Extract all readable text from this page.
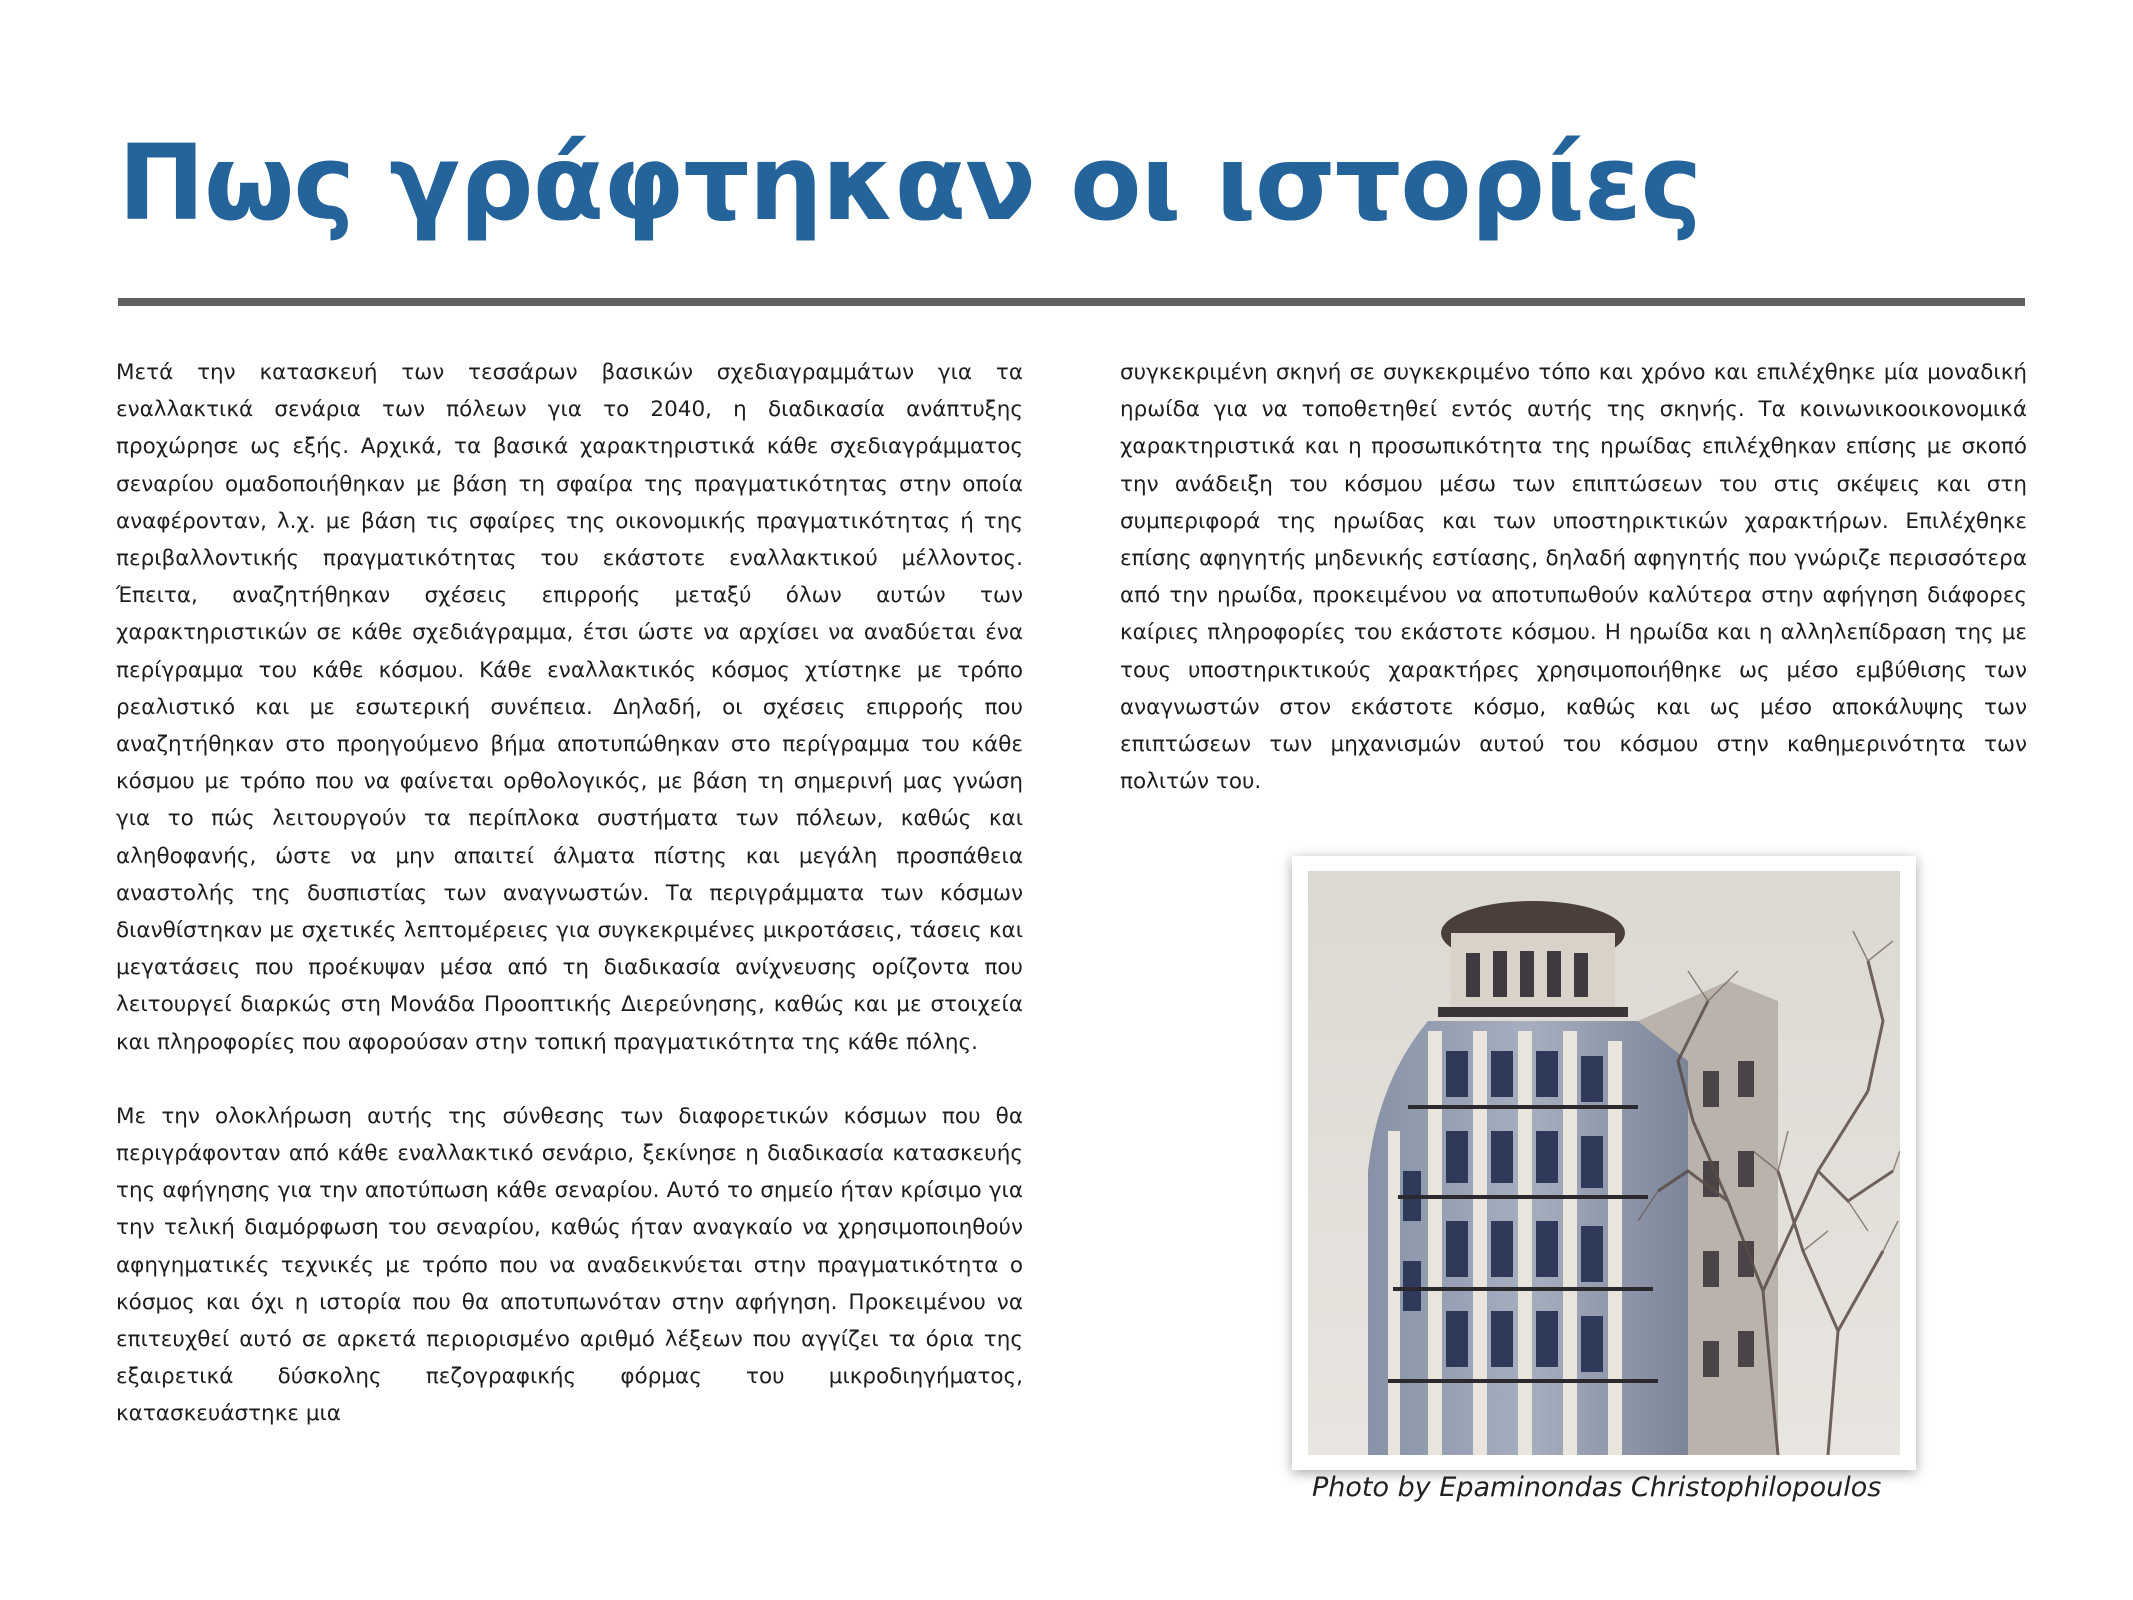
Πως γράφτηκαν οι ιστορίες

Μετά την κατασκευή των τεσσάρων βασικών σχεδιαγραμμάτων για τα εναλλακτικά σενάρια των πόλεων για το 2040, η διαδικασία ανάπτυξης προχώρησε ως εξής. Αρχικά, τα βασικά χαρακτηριστικά κάθε σχεδιαγράμματος σεναρίου ομαδοποιήθηκαν με βάση τη σφαίρα της πραγματικότητας στην οποία αναφέρονταν, λ.χ. με βάση τις σφαίρες της οικονομικής πραγματικότητας ή της περιβαλλοντικής πραγματικότητας του εκάστοτε εναλλακτικού μέλλοντος. Έπειτα, αναζητήθηκαν σχέσεις επιρροής μεταξύ όλων αυτών των χαρακτηριστικών σε κάθε σχεδιάγραμμα, έτσι ώστε να αρχίσει να αναδύεται ένα περίγραμμα του κάθε κόσμου. Κάθε εναλλακτικός κόσμος χτίστηκε με τρόπο ρεαλιστικό και με εσωτερική συνέπεια. Δηλαδή, οι σχέσεις επιρροής που αναζητήθηκαν στο προηγούμενο βήμα αποτυπώθηκαν στο περίγραμμα του κάθε κόσμου με τρόπο που να φαίνεται ορθολογικός, με βάση τη σημερινή μας γνώση για το πώς λειτουργούν τα περίπλοκα συστήματα των πόλεων, καθώς και αληθοφανής, ώστε να μην απαιτεί άλματα πίστης και μεγάλη προσπάθεια αναστολής της δυσπιστίας των αναγνωστών. Τα περιγράμματα των κόσμων διανθίστηκαν με σχετικές λεπτομέρειες για συγκεκριμένες μικροτάσεις, τάσεις και μεγατάσεις που προέκυψαν μέσα από τη διαδικασία ανίχνευσης ορίζοντα που λειτουργεί διαρκώς στη Μονάδα Προοπτικής Διερεύνησης, καθώς και με στοιχεία και πληροφορίες που αφορούσαν στην τοπική πραγματικότητα της κάθε πόλης.

Με την ολοκλήρωση αυτής της σύνθεσης των διαφορετικών κόσμων που θα περιγράφονταν από κάθε εναλλακτικό σενάριο, ξεκίνησε η διαδικασία κατασκευής της αφήγησης για την αποτύπωση κάθε σεναρίου. Αυτό το σημείο ήταν κρίσιμο για την τελική διαμόρφωση του σεναρίου, καθώς ήταν αναγκαίο να χρησιμοποιηθούν αφηγηματικές τεχνικές με τρόπο που να αναδεικνύεται στην πραγματικότητα ο κόσμος και όχι η ιστορία που θα αποτυπωνόταν στην αφήγηση. Προκειμένου να επιτευχθεί αυτό σε αρκετά περιορισμένο αριθμό λέξεων που αγγίζει τα όρια της εξαιρετικά δύσκολης πεζογραφικής φόρμας του μικροδιηγήματος, κατασκευάστηκε μια

συγκεκριμένη σκηνή σε συγκεκριμένο τόπο και χρόνο και επιλέχθηκε μία μοναδική ηρωίδα για να τοποθετηθεί εντός αυτής της σκηνής. Τα κοινωνικοοικονομικά χαρακτηριστικά και η προσωπικότητα της ηρωίδας επιλέχθηκαν επίσης με σκοπό την ανάδειξη του κόσμου μέσω των επιπτώσεων του στις σκέψεις και στη συμπεριφορά της ηρωίδας και των υποστηρικτικών χαρακτήρων. Επιλέχθηκε επίσης αφηγητής μηδενικής εστίασης, δηλαδή αφηγητής που γνώριζε περισσότερα από την ηρωίδα, προκειμένου να αποτυπωθούν καλύτερα στην αφήγηση διάφορες καίριες πληροφορίες του εκάστοτε κόσμου. Η ηρωίδα και η αλληλεπίδραση της με τους υποστηρικτικούς χαρακτήρες χρησιμοποιήθηκε ως μέσο εμβύθισης των αναγνωστών στον εκάστοτε κόσμο, καθώς και ως μέσο αποκάλυψης των επιπτώσεων των μηχανισμών αυτού του κόσμου στην καθημερινότητα των πολιτών του.

Photo by Epaminondas Christophilopoulos
